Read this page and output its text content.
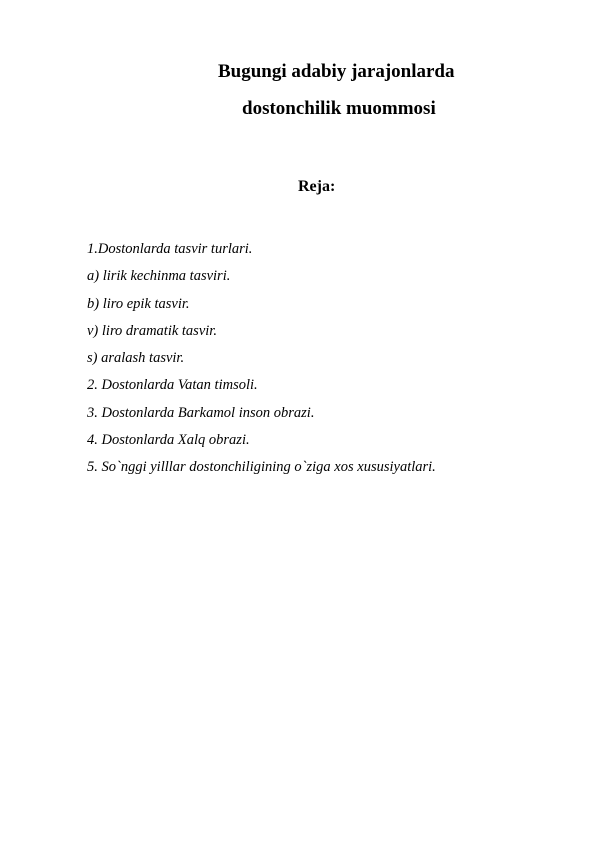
Bugungi adabiy jarajonlarda
dostonchilik muommosi
Reja:
1.Dostonlarda tasvir turlari.
a) lirik kechinma tasviri.
b) liro epik tasvir.
v) liro dramatik tasvir.
s) aralash tasvir.
2. Dostonlarda Vatan timsoli.
3. Dostonlarda Barkamol inson obrazi.
4. Dostonlarda Xalq obrazi.
5. So`nggi yilllar dostonchiligining o`ziga xos xususiyatlari.
